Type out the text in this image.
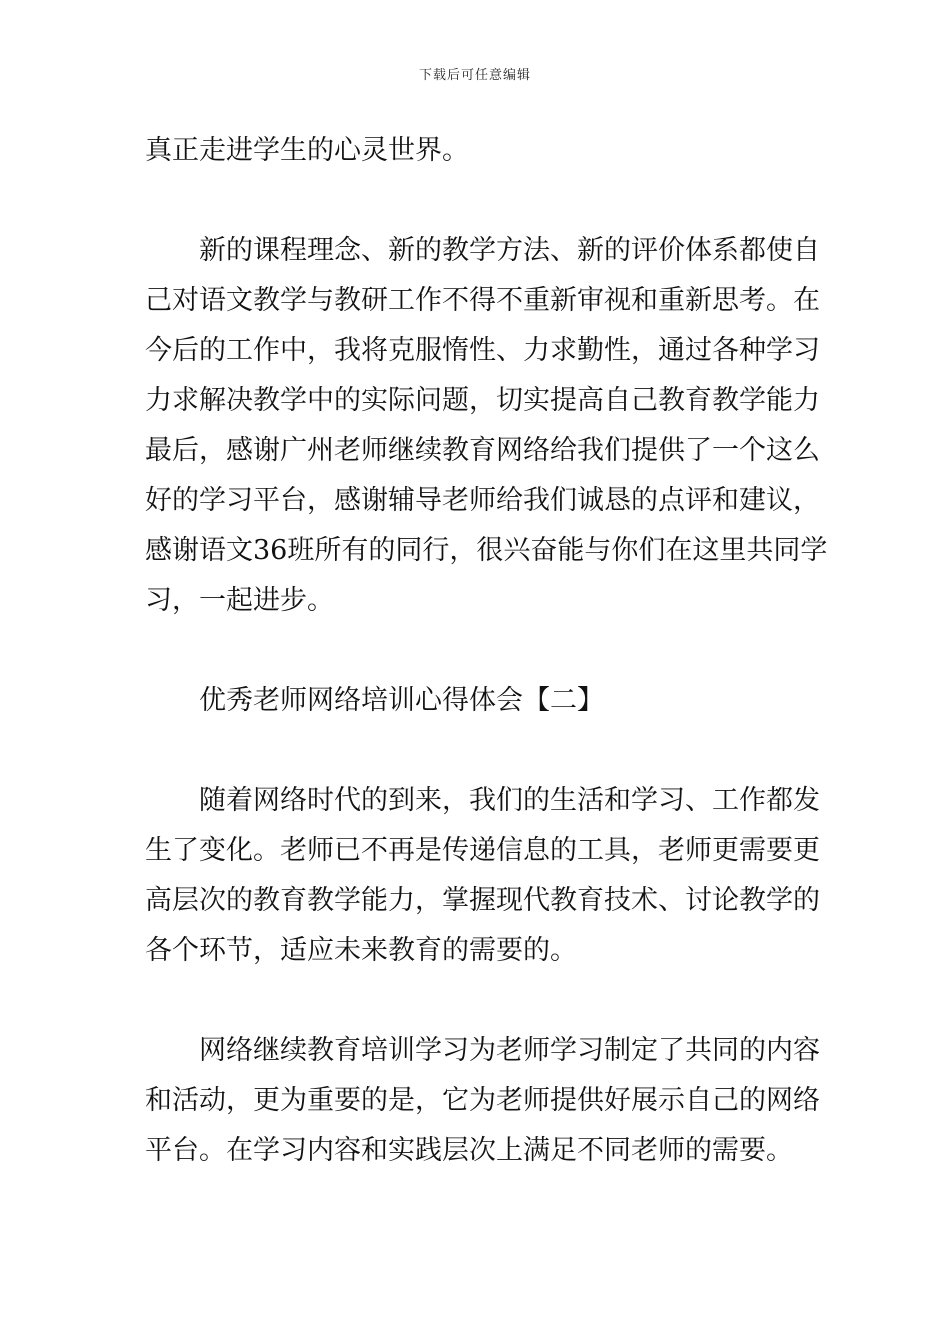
下载后可任意编辑
真正走进学生的心灵世界。
新的课程理念、新的教学方法、新的评价体系都使自
己对语文教学与教研工作不得不重新审视和重新思考。在
今后的工作中，我将克服惰性、力求勤性，通过各种学习
力求解决教学中的实际问题，切实提高自己教育教学能力
最后，感谢广州老师继续教育网络给我们提供了一个这么
好的学习平台，感谢辅导老师给我们诚恳的点评和建议，
感谢语文36班所有的同行，很兴奋能与你们在这里共同学
习，一起进步。
优秀老师网络培训心得体会【二】
随着网络时代的到来，我们的生活和学习、工作都发
生了变化。老师已不再是传递信息的工具，老师更需要更
高层次的教育教学能力，掌握现代教育技术、讨论教学的
各个环节，适应未来教育的需要的。
网络继续教育培训学习为老师学习制定了共同的内容
和活动，更为重要的是，它为老师提供好展示自己的网络
平台。在学习内容和实践层次上满足不同老师的需要。
